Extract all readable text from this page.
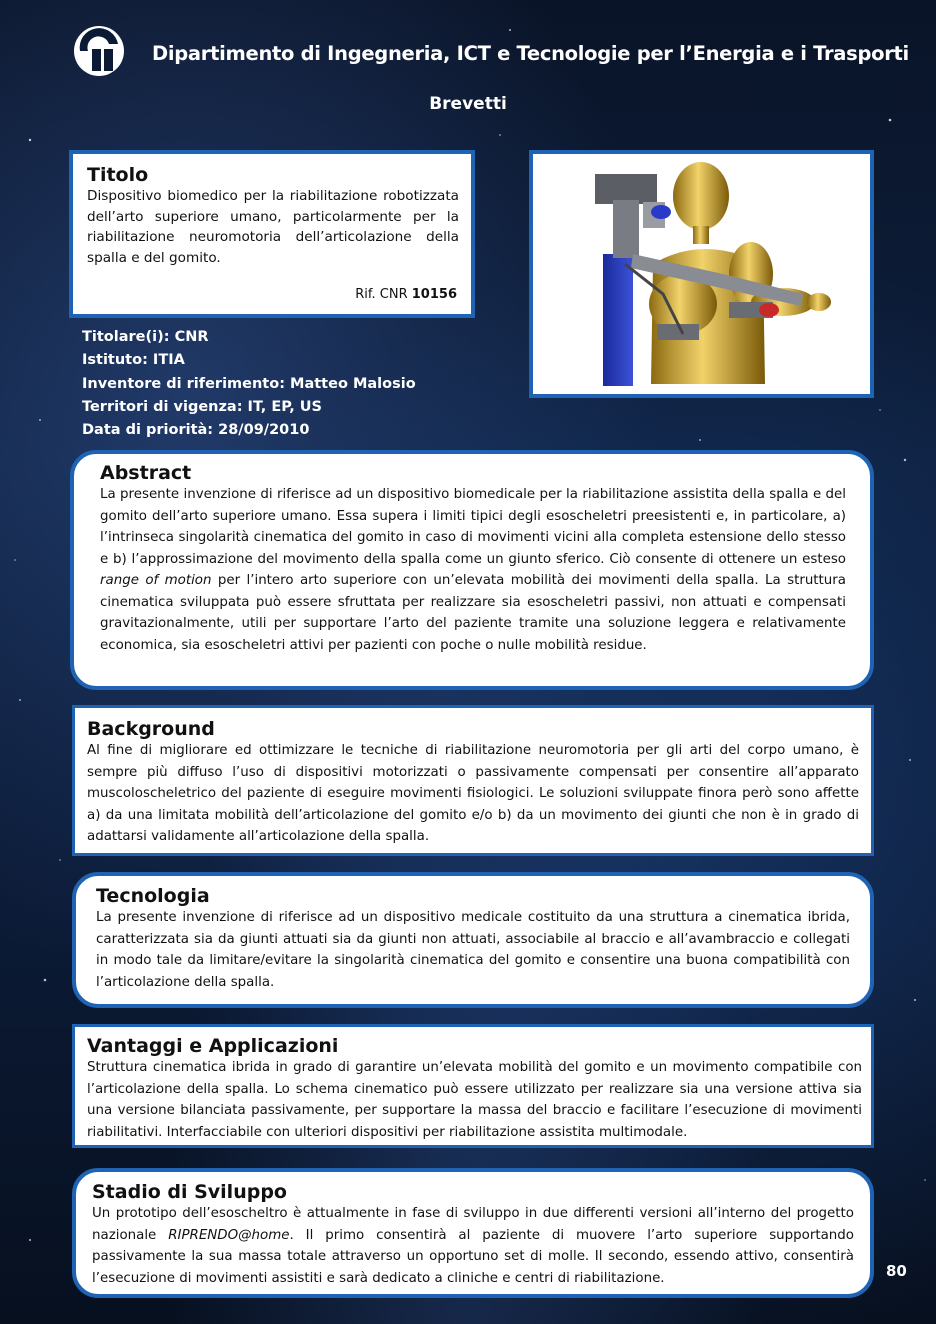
Dipartimento di Ingegneria, ICT e Tecnologie per l’Energia e i Trasporti
Brevetti
Titolo

Dispositivo biomedico per la riabilitazione robotizzata dell’arto superiore umano, particolarmente per la riabilitazione neuromotoria dell’articolazione della spalla e del gomito.

Rif. CNR 10156
Titolare(i): CNR
Istituto: ITIA
Inventore di riferimento: Matteo Malosio
Territori di vigenza: IT, EP, US
Data di priorità: 28/09/2010
Abstract

La presente invenzione di riferisce ad un dispositivo biomedicale per la riabilitazione assistita della spalla e del gomito dell’arto superiore umano. Essa supera i limiti tipici degli esoscheletri preesistenti e, in particolare, a) l’intrinseca singolarità cinematica del gomito in caso di movimenti vicini alla completa estensione dello stesso e b) l’approssimazione del movimento della spalla come un giunto sferico. Ciò consente di ottenere un esteso range of motion per l’intero arto superiore con un’elevata mobilità dei movimenti della spalla. La struttura cinematica sviluppata può essere sfruttata per realizzare sia esoscheletri passivi, non attuati e compensati gravitazionalmente, utili per supportare l’arto del paziente tramite una soluzione leggera e relativamente economica, sia esoscheletri attivi per pazienti con poche o nulle mobilità residue.

Background

Al fine di migliorare ed ottimizzare le tecniche di riabilitazione neuromotoria per gli arti del corpo umano, è sempre più diffuso l’uso di dispositivi motorizzati o passivamente compensati per consentire all’apparato muscoloscheletrico del paziente di eseguire movimenti fisiologici. Le soluzioni sviluppate finora però sono affette a) da una limitata mobilità dell’articolazione del gomito e/o b) da un movimento dei giunti che non è in grado di adattarsi validamente all’articolazione della spalla.

Tecnologia

La presente invenzione di riferisce ad un dispositivo medicale costituito da una struttura a cinematica ibrida, caratterizzata sia da giunti attuati sia da giunti non attuati, associabile al braccio e all’avambraccio e collegati in modo tale da limitare/evitare la singolarità cinematica del gomito e consentire una buona compatibilità con l’articolazione della spalla.

Vantaggi e Applicazioni

Struttura cinematica ibrida in grado di garantire un’elevata mobilità del gomito e un movimento compatibile con l’articolazione della spalla. Lo schema cinematico può essere utilizzato per realizzare sia una versione attiva sia una versione bilanciata passivamente, per supportare la massa del braccio e facilitare l’esecuzione di movimenti riabilitativi. Interfacciabile con ulteriori dispositivi per riabilitazione assistita multimodale.

Stadio di Sviluppo

Un prototipo dell’esoscheltro è attualmente in fase di sviluppo in due differenti versioni all’interno del progetto nazionale RIPRENDO@home. Il primo consentirà al paziente di muovere l’arto superiore supportando passivamente la sua massa totale attraverso un opportuno set di molle. Il secondo, essendo attivo, consentirà l’esecuzione di movimenti assistiti e sarà dedicato a cliniche e centri di riabilitazione.	80
